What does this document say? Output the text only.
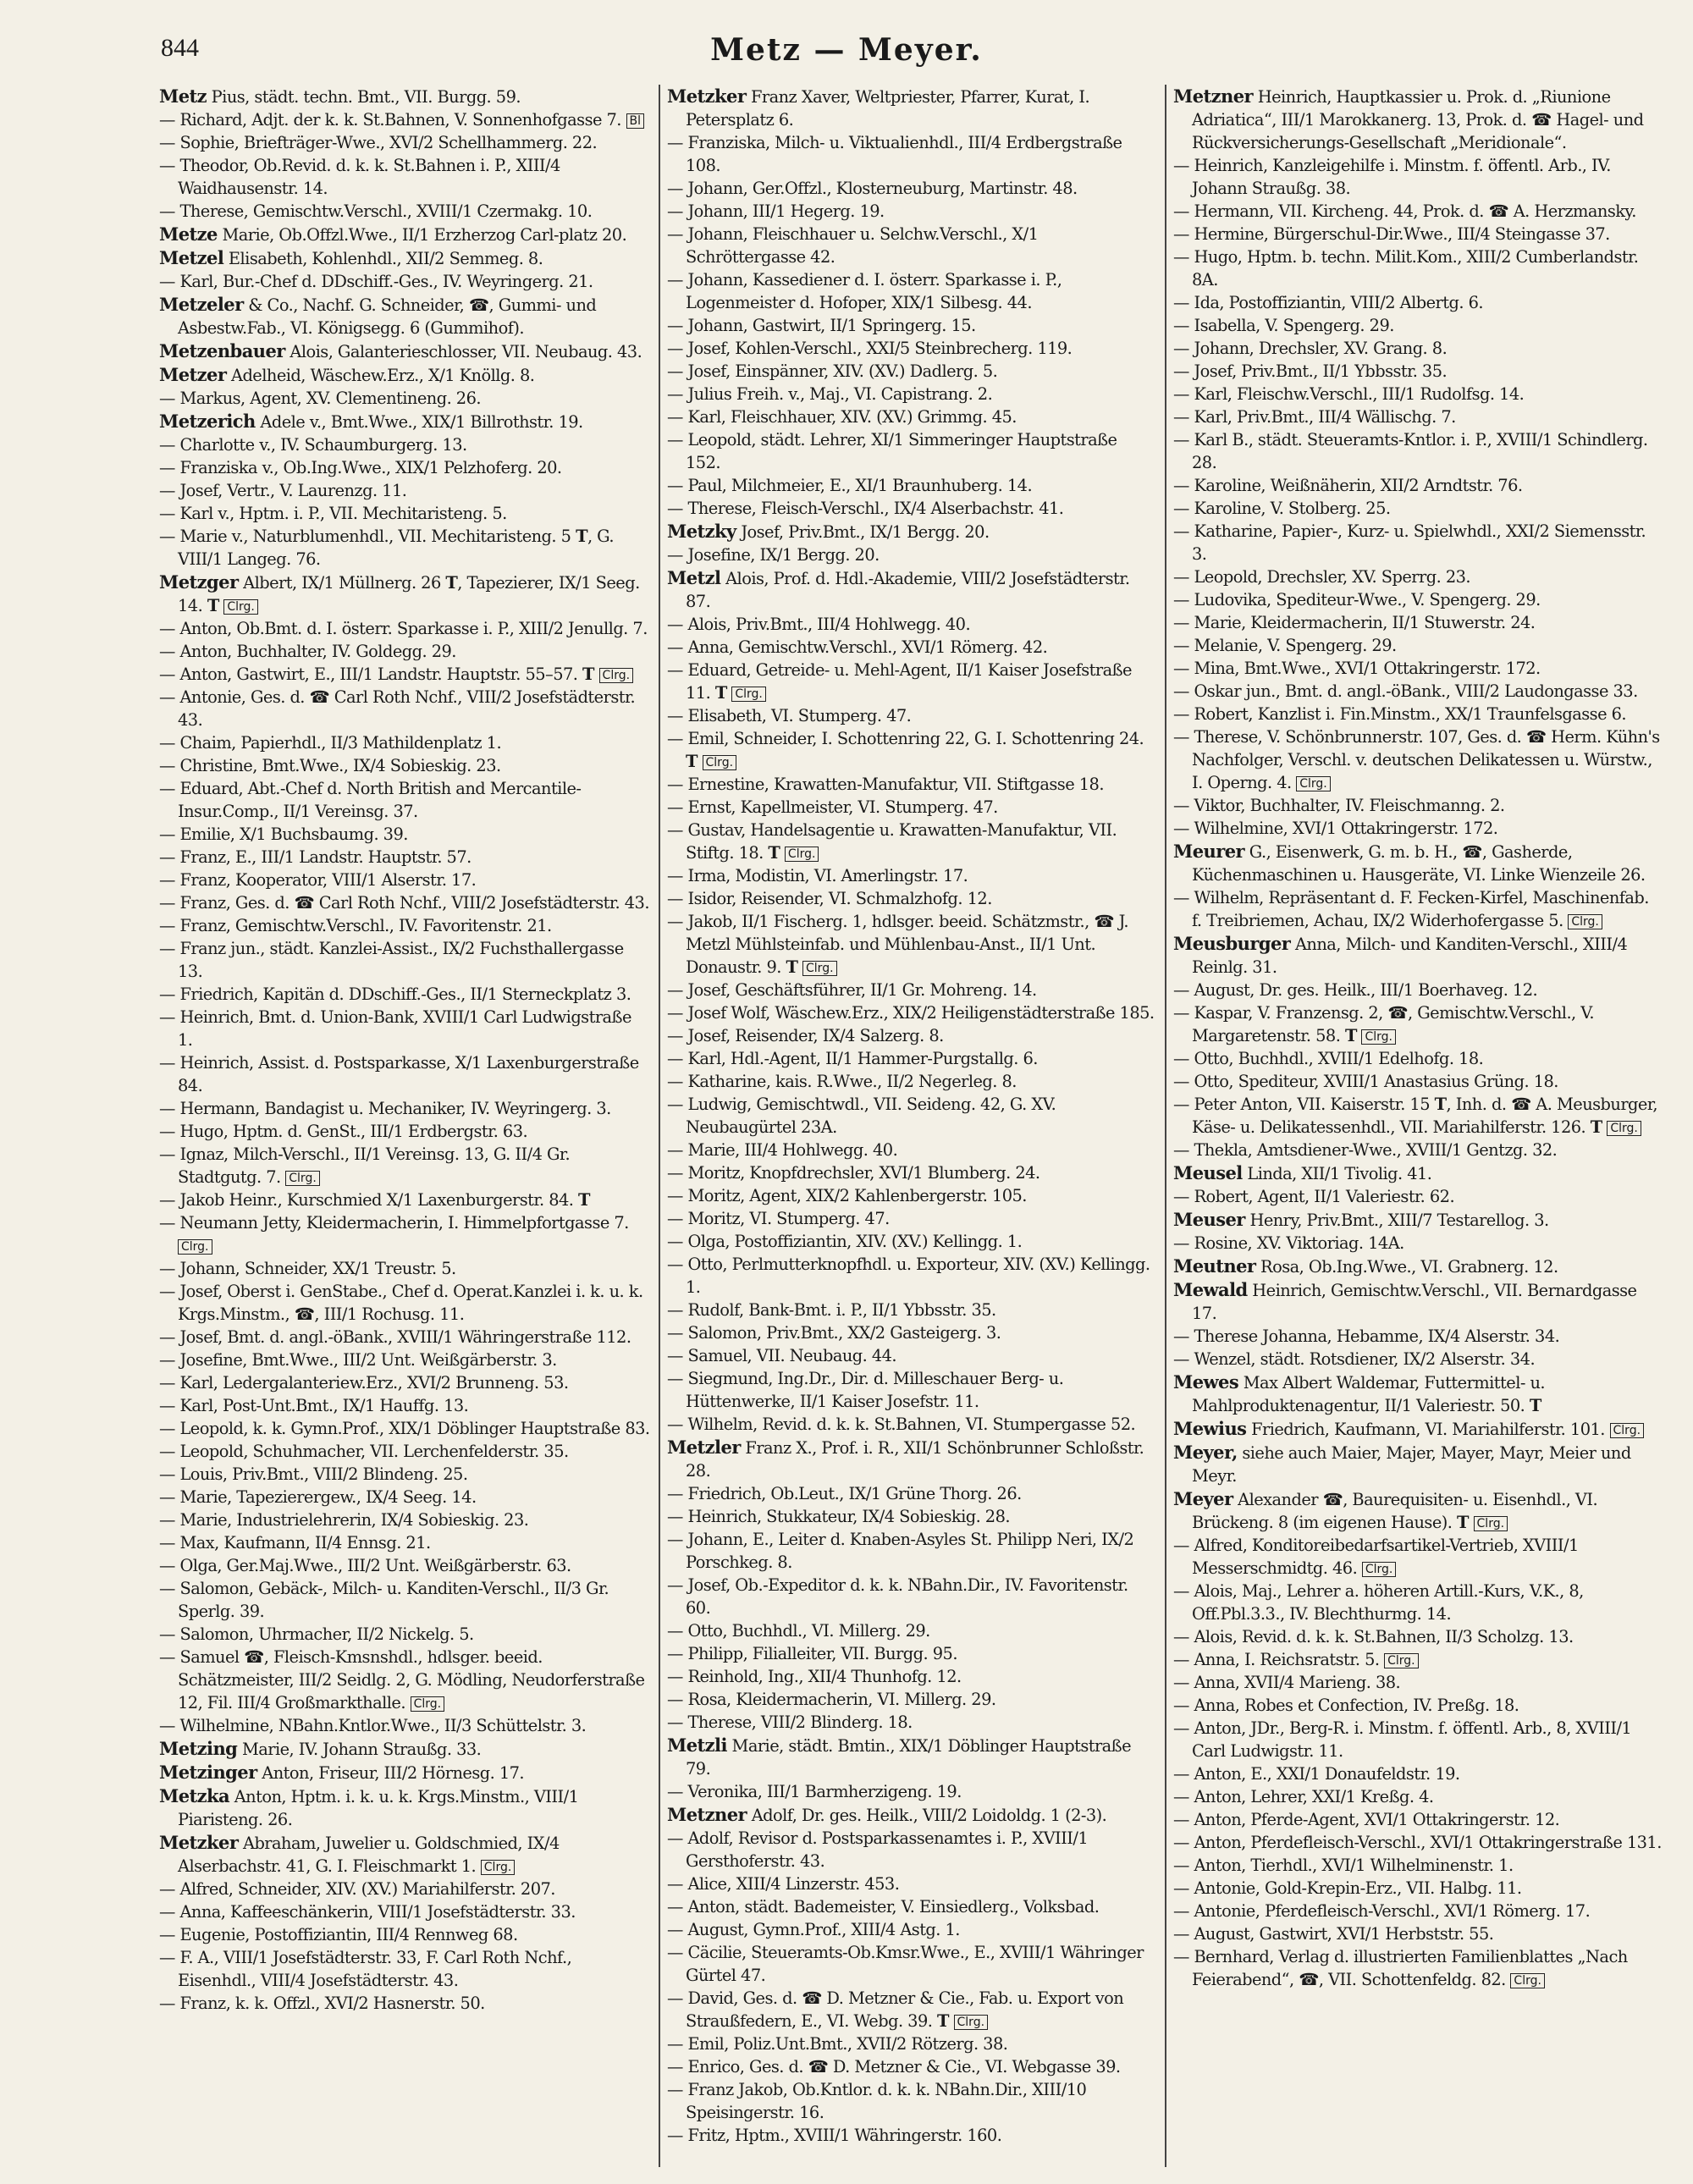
844	Metz — Meyer.
Metz Pius, städt. techn. Bmt., VII. Burgg. 59.
— Richard, Adjt. der k. k. St.Bahnen, V. Sonnenhofgasse 7. Bl
— Sophie, Briefträger-Wwe., XVI/2 Schellhammerg. 22.
— Theodor, Ob.Revid. d. k. k. St.Bahnen i. P., XIII/4 Waidhausenstr. 14.
— Therese, Gemischtw.Verschl., XVIII/1 Czermakg. 10.
Metze Marie, Ob.Offzl.Wwe., II/1 Erzherzog Carl-platz 20.
Metzel Elisabeth, Kohlenhdl., XII/2 Semmeg. 8.
— Karl, Bur.-Chef d. DDschiff.-Ges., IV. Weyringerg. 21.
Metzeler & Co., Nachf. G. Schneider, ☎, Gummi- und Asbestw.Fab., VI. Königsegg. 6 (Gummihof).
Metzenbauer Alois, Galanterieschlosser, VII. Neubaug. 43.
Metzer Adelheid, Wäschew.Erz., X/1 Knöllg. 8.
— Markus, Agent, XV. Clementineng. 26.
Metzerich Adele v., Bmt.Wwe., XIX/1 Billrothstr. 19.
— Charlotte v., IV. Schaumburgerg. 13.
— Franziska v., Ob.Ing.Wwe., XIX/1 Pelzhoferg. 20.
— Josef, Vertr., V. Laurenzg. 11.
— Karl v., Hptm. i. P., VII. Mechitaristeng. 5.
— Marie v., Naturblumenhdl., VII. Mechitaristeng. 5 T, G. VIII/1 Langeg. 76.
Metzger Albert, IX/1 Müllnerg. 26 T, Tapezierer, IX/1 Seeg. 14. T Clrg.
— Anton, Ob.Bmt. d. I. österr. Sparkasse i. P., XIII/2 Jenullg. 7.
— Anton, Buchhalter, IV. Goldegg. 29.
— Anton, Gastwirt, E., III/1 Landstr. Hauptstr. 55–57. T Clrg.
— Antonie, Ges. d. ☎ Carl Roth Nchf., VIII/2 Josefstädterstr. 43.
— Chaim, Papierhdl., II/3 Mathildenplatz 1.
— Christine, Bmt.Wwe., IX/4 Sobieskig. 23.
— Eduard, Abt.-Chef d. North British and Mercantile-Insur.Comp., II/1 Vereinsg. 37.
— Emilie, X/1 Buchsbaumg. 39.
— Franz, E., III/1 Landstr. Hauptstr. 57.
— Franz, Kooperator, VIII/1 Alserstr. 17.
— Franz, Ges. d. ☎ Carl Roth Nchf., VIII/2 Josefstädterstr. 43.
— Franz, Gemischtw.Verschl., IV. Favoritenstr. 21.
— Franz jun., städt. Kanzlei-Assist., IX/2 Fuchsthallergasse 13.
— Friedrich, Kapitän d. DDschiff.-Ges., II/1 Sterneckplatz 3.
— Heinrich, Bmt. d. Union-Bank, XVIII/1 Carl Ludwigstraße 1.
— Heinrich, Assist. d. Postsparkasse, X/1 Laxenburgerstraße 84.
— Hermann, Bandagist u. Mechaniker, IV. Weyringerg. 3.
— Hugo, Hptm. d. GenSt., III/1 Erdbergstr. 63.
— Ignaz, Milch-Verschl., II/1 Vereinsg. 13, G. II/4 Gr. Stadtgutg. 7. Clrg.
— Jakob Heinr., Kurschmied X/1 Laxenburgerstr. 84. T
— Neumann Jetty, Kleidermacherin, I. Himmelpfortgasse 7. Clrg.
— Johann, Schneider, XX/1 Treustr. 5.
— Josef, Oberst i. GenStabe., Chef d. Operat.Kanzlei i. k. u. k. Krgs.Minstm., ☎, III/1 Rochusg. 11.
— Josef, Bmt. d. angl.-öBank., XVIII/1 Währingerstraße 112.
— Josefine, Bmt.Wwe., III/2 Unt. Weißgärberstr. 3.
— Karl, Ledergalanteriew.Erz., XVI/2 Brunneng. 53.
— Karl, Post-Unt.Bmt., IX/1 Hauffg. 13.
— Leopold, k. k. Gymn.Prof., XIX/1 Döblinger Hauptstraße 83.
— Leopold, Schuhmacher, VII. Lerchenfelderstr. 35.
— Louis, Priv.Bmt., VIII/2 Blindeng. 25.
— Marie, Tapezierergew., IX/4 Seeg. 14.
— Marie, Industrielehrerin, IX/4 Sobieskig. 23.
— Max, Kaufmann, II/4 Ennsg. 21.
— Olga, Ger.Maj.Wwe., III/2 Unt. Weißgärberstr. 63.
— Salomon, Gebäck-, Milch- u. Kanditen-Verschl., II/3 Gr. Sperlg. 39.
— Salomon, Uhrmacher, II/2 Nickelg. 5.
— Samuel ☎, Fleisch-Kmsnshdl., hdlsger. beeid. Schätzmeister, III/2 Seidlg. 2, G. Mödling, Neudorferstraße 12, Fil. III/4 Großmarkthalle. Clrg.
— Wilhelmine, NBahn.Kntlor.Wwe., II/3 Schüttelstr. 3.
Metzing Marie, IV. Johann Straußg. 33.
Metzinger Anton, Friseur, III/2 Hörnesg. 17.
Metzka Anton, Hptm. i. k. u. k. Krgs.Minstm., VIII/1 Piaristeng. 26.
Metzker Abraham, Juwelier u. Goldschmied, IX/4 Alserbachstr. 41, G. I. Fleischmarkt 1. Clrg.
— Alfred, Schneider, XIV. (XV.) Mariahilferstr. 207.
— Anna, Kaffeeschänkerin, VIII/1 Josefstädterstr. 33.
— Eugenie, Postoffiziantin, III/4 Rennweg 68.
— F. A., VIII/1 Josefstädterstr. 33, F. Carl Roth Nchf., Eisenhdl., VIII/4 Josefstädterstr. 43.
— Franz, k. k. Offzl., XVI/2 Hasnerstr. 50.
Metzker Franz Xaver, Weltpriester, Pfarrer, Kurat, I. Petersplatz 6.
— Franziska, Milch- u. Viktualienhdl., III/4 Erdbergstraße 108.
— Johann, Ger.Offzl., Klosterneuburg, Martinstr. 48.
— Johann, III/1 Hegerg. 19.
— Johann, Fleischhauer u. Selchw.Verschl., X/1 Schröttergasse 42.
— Johann, Kassediener d. I. österr. Sparkasse i. P., Logenmeister d. Hofoper, XIX/1 Silbesg. 44.
— Johann, Gastwirt, II/1 Springerg. 15.
— Josef, Kohlen-Verschl., XXI/5 Steinbrecherg. 119.
— Josef, Einspänner, XIV. (XV.) Dadlerg. 5.
— Julius Freih. v., Maj., VI. Capistrang. 2.
— Karl, Fleischhauer, XIV. (XV.) Grimmg. 45.
— Leopold, städt. Lehrer, XI/1 Simmeringer Hauptstraße 152.
— Paul, Milchmeier, E., XI/1 Braunhuberg. 14.
— Therese, Fleisch-Verschl., IX/4 Alserbachstr. 41.
Metzky Josef, Priv.Bmt., IX/1 Bergg. 20.
— Josefine, IX/1 Bergg. 20.
Metzl Alois, Prof. d. Hdl.-Akademie, VIII/2 Josefstädterstr. 87.
— Alois, Priv.Bmt., III/4 Hohlwegg. 40.
— Anna, Gemischtw.Verschl., XVI/1 Römerg. 42.
— Eduard, Getreide- u. Mehl-Agent, II/1 Kaiser Josefstraße 11. T Clrg.
— Elisabeth, VI. Stumperg. 47.
— Emil, Schneider, I. Schottenring 22, G. I. Schottenring 24. T Clrg.
— Ernestine, Krawatten-Manufaktur, VII. Stiftgasse 18.
— Ernst, Kapellmeister, VI. Stumperg. 47.
— Gustav, Handelsagentie u. Krawatten-Manufaktur, VII. Stiftg. 18. T Clrg.
— Irma, Modistin, VI. Amerlingstr. 17.
— Isidor, Reisender, VI. Schmalzhofg. 12.
— Jakob, II/1 Fischerg. 1, hdlsger. beeid. Schätzmstr., ☎ J. Metzl Mühlsteinfab. und Mühlenbau-Anst., II/1 Unt. Donaustr. 9. T Clrg.
— Josef, Geschäftsführer, II/1 Gr. Mohreng. 14.
— Josef Wolf, Wäschew.Erz., XIX/2 Heiligenstädterstraße 185.
— Josef, Reisender, IX/4 Salzerg. 8.
— Karl, Hdl.-Agent, II/1 Hammer-Purgstallg. 6.
— Katharine, kais. R.Wwe., II/2 Negerleg. 8.
— Ludwig, Gemischtwdl., VII. Seideng. 42, G. XV. Neubaugürtel 23A.
— Marie, III/4 Hohlwegg. 40.
— Moritz, Knopfdrechsler, XVI/1 Blumberg. 24.
— Moritz, Agent, XIX/2 Kahlenbergerstr. 105.
— Moritz, VI. Stumperg. 47.
— Olga, Postoffiziantin, XIV. (XV.) Kellingg. 1.
— Otto, Perlmutterknopfhdl. u. Exporteur, XIV. (XV.) Kellingg. 1.
— Rudolf, Bank-Bmt. i. P., II/1 Ybbsstr. 35.
— Salomon, Priv.Bmt., XX/2 Gasteigerg. 3.
— Samuel, VII. Neubaug. 44.
— Siegmund, Ing.Dr., Dir. d. Milleschauer Berg- u. Hüttenwerke, II/1 Kaiser Josefstr. 11.
— Wilhelm, Revid. d. k. k. St.Bahnen, VI. Stumpergasse 52.
Metzler Franz X., Prof. i. R., XII/1 Schönbrunner Schloßstr. 28.
— Friedrich, Ob.Leut., IX/1 Grüne Thorg. 26.
— Heinrich, Stukkateur, IX/4 Sobieskig. 28.
— Johann, E., Leiter d. Knaben-Asyles St. Philipp Neri, IX/2 Porschkeg. 8.
— Josef, Ob.-Expeditor d. k. k. NBahn.Dir., IV. Favoritenstr. 60.
— Otto, Buchhdl., VI. Millerg. 29.
— Philipp, Filialleiter, VII. Burgg. 95.
— Reinhold, Ing., XII/4 Thunhofg. 12.
— Rosa, Kleidermacherin, VI. Millerg. 29.
— Therese, VIII/2 Blinderg. 18.
Metzli Marie, städt. Bmtin., XIX/1 Döblinger Hauptstraße 79.
— Veronika, III/1 Barmherzigeng. 19.
Metzner Adolf, Dr. ges. Heilk., VIII/2 Loidoldg. 1 (2-3).
— Adolf, Revisor d. Postsparkassenamtes i. P., XVIII/1 Gersthoferstr. 43.
— Alice, XIII/4 Linzerstr. 453.
— Anton, städt. Bademeister, V. Einsiedlerg., Volksbad.
— August, Gymn.Prof., XIII/4 Astg. 1.
— Cäcilie, Steueramts-Ob.Kmsr.Wwe., E., XVIII/1 Währinger Gürtel 47.
— David, Ges. d. ☎ D. Metzner & Cie., Fab. u. Export von Straußfedern, E., VI. Webg. 39. T Clrg.
— Emil, Poliz.Unt.Bmt., XVII/2 Rötzerg. 38.
— Enrico, Ges. d. ☎ D. Metzner & Cie., VI. Webgasse 39.
— Franz Jakob, Ob.Kntlor. d. k. k. NBahn.Dir., XIII/10 Speisingerstr. 16.
— Fritz, Hptm., XVIII/1 Währingerstr. 160.
Metzner Heinrich, Hauptkassier u. Prok. d. „Riunione Adriatica“, III/1 Marokkanerg. 13, Prok. d. ☎ Hagel- und Rückversicherungs-Gesellschaft „Meridionale“.
— Heinrich, Kanzleigehilfe i. Minstm. f. öffentl. Arb., IV. Johann Straußg. 38.
— Hermann, VII. Kircheng. 44, Prok. d. ☎ A. Herzmansky.
— Hermine, Bürgerschul-Dir.Wwe., III/4 Steingasse 37.
— Hugo, Hptm. b. techn. Milit.Kom., XIII/2 Cumberlandstr. 8A.
— Ida, Postoffiziantin, VIII/2 Albertg. 6.
— Isabella, V. Spengerg. 29.
— Johann, Drechsler, XV. Grang. 8.
— Josef, Priv.Bmt., II/1 Ybbsstr. 35.
— Karl, Fleischw.Verschl., III/1 Rudolfsg. 14.
— Karl, Priv.Bmt., III/4 Wällischg. 7.
— Karl B., städt. Steueramts-Kntlor. i. P., XVIII/1 Schindlerg. 28.
— Karoline, Weißnäherin, XII/2 Arndtstr. 76.
— Karoline, V. Stolberg. 25.
— Katharine, Papier-, Kurz- u. Spielwhdl., XXI/2 Siemensstr. 3.
— Leopold, Drechsler, XV. Sperrg. 23.
— Ludovika, Spediteur-Wwe., V. Spengerg. 29.
— Marie, Kleidermacherin, II/1 Stuwerstr. 24.
— Melanie, V. Spengerg. 29.
— Mina, Bmt.Wwe., XVI/1 Ottakringerstr. 172.
— Oskar jun., Bmt. d. angl.-öBank., VIII/2 Laudongasse 33.
— Robert, Kanzlist i. Fin.Minstm., XX/1 Traunfelsgasse 6.
— Therese, V. Schönbrunnerstr. 107, Ges. d. ☎ Herm. Kühn's Nachfolger, Verschl. v. deutschen Delikatessen u. Würstw., I. Operng. 4. Clrg.
— Viktor, Buchhalter, IV. Fleischmanng. 2.
— Wilhelmine, XVI/1 Ottakringerstr. 172.
Meurer G., Eisenwerk, G. m. b. H., ☎, Gasherde, Küchenmaschinen u. Hausgeräte, VI. Linke Wienzeile 26.
— Wilhelm, Repräsentant d. F. Fecken-Kirfel, Maschinenfab. f. Treibriemen, Achau, IX/2 Widerhofergasse 5. Clrg.
Meusburger Anna, Milch- und Kanditen-Verschl., XIII/4 Reinlg. 31.
— August, Dr. ges. Heilk., III/1 Boerhaveg. 12.
— Kaspar, V. Franzensg. 2, ☎, Gemischtw.Verschl., V. Margaretenstr. 58. T Clrg.
— Otto, Buchhdl., XVIII/1 Edelhofg. 18.
— Otto, Spediteur, XVIII/1 Anastasius Grüng. 18.
— Peter Anton, VII. Kaiserstr. 15 T, Inh. d. ☎ A. Meusburger, Käse- u. Delikatessenhdl., VII. Mariahilferstr. 126. T Clrg.
— Thekla, Amtsdiener-Wwe., XVIII/1 Gentzg. 32.
Meusel Linda, XII/1 Tivolig. 41.
— Robert, Agent, II/1 Valeriestr. 62.
Meuser Henry, Priv.Bmt., XIII/7 Testarellog. 3.
— Rosine, XV. Viktoriag. 14A.
Meutner Rosa, Ob.Ing.Wwe., VI. Grabnerg. 12.
Mewald Heinrich, Gemischtw.Verschl., VII. Bernardgasse 17.
— Therese Johanna, Hebamme, IX/4 Alserstr. 34.
— Wenzel, städt. Rotsdiener, IX/2 Alserstr. 34.
Mewes Max Albert Waldemar, Futtermittel- u. Mahlproduktenagentur, II/1 Valeriestr. 50. T
Mewius Friedrich, Kaufmann, VI. Mariahilferstr. 101. Clrg.
Meyer, siehe auch Maier, Majer, Mayer, Mayr, Meier und Meyr.
Meyer Alexander ☎, Baurequisiten- u. Eisenhdl., VI. Brückeng. 8 (im eigenen Hause). T Clrg.
— Alfred, Konditoreibedarfsartikel-Vertrieb, XVIII/1 Messerschmidtg. 46. Clrg.
— Alois, Maj., Lehrer a. höheren Artill.-Kurs, V.K., 8, Off.Pbl.3.3., IV. Blechthurmg. 14.
— Alois, Revid. d. k. k. St.Bahnen, II/3 Scholzg. 13.
— Anna, I. Reichsratstr. 5. Clrg.
— Anna, XVII/4 Marieng. 38.
— Anna, Robes et Confection, IV. Preßg. 18.
— Anton, JDr., Berg-R. i. Minstm. f. öffentl. Arb., 8, XVIII/1 Carl Ludwigstr. 11.
— Anton, E., XXI/1 Donaufeldstr. 19.
— Anton, Lehrer, XXI/1 Kreßg. 4.
— Anton, Pferde-Agent, XVI/1 Ottakringerstr. 12.
— Anton, Pferdefleisch-Verschl., XVI/1 Ottakringerstraße 131.
— Anton, Tierhdl., XVI/1 Wilhelminenstr. 1.
— Antonie, Gold-Krepin-Erz., VII. Halbg. 11.
— Antonie, Pferdefleisch-Verschl., XVI/1 Römerg. 17.
— August, Gastwirt, XVI/1 Herbststr. 55.
— Bernhard, Verlag d. illustrierten Familienblattes „Nach Feierabend“, ☎, VII. Schottenfeldg. 82. Clrg.
